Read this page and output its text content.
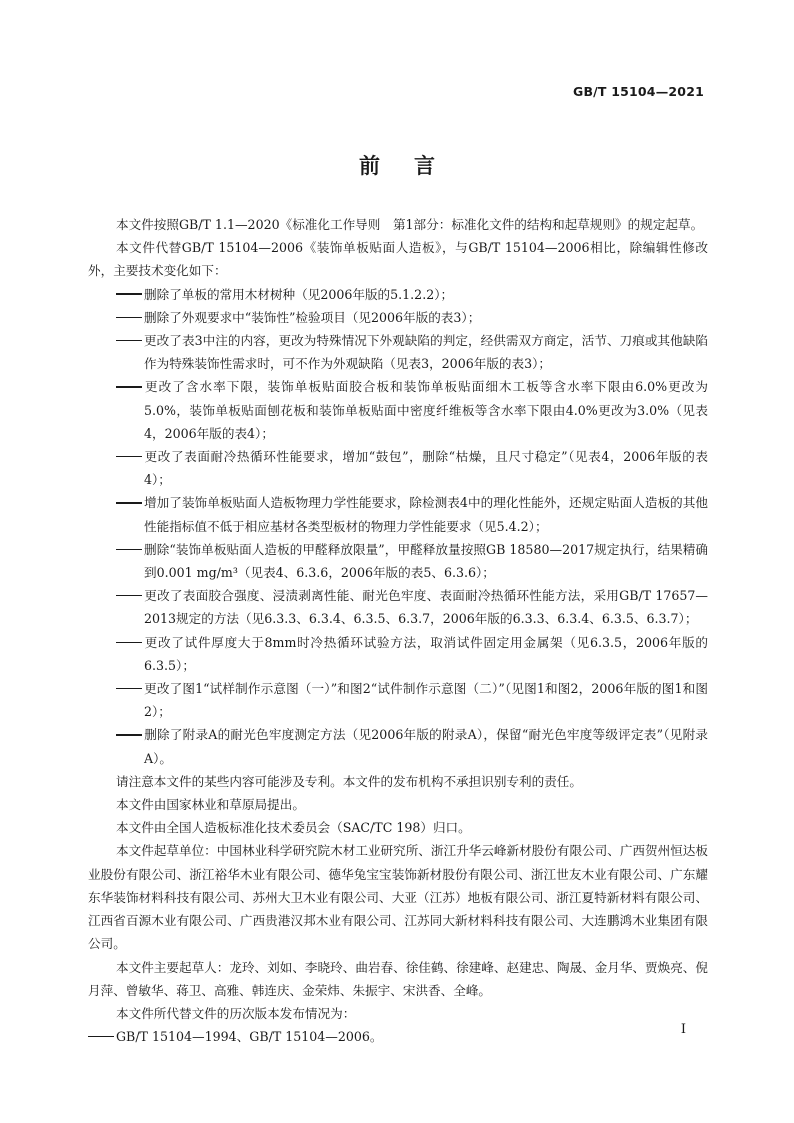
GB/T 15104—2021
前言

本文件按照GB/T 1.1—2020《标准化工作导则　第1部分：标准化文件的结构和起草规则》的规定起草。

本文件代替GB/T 15104—2006《装饰单板贴面人造板》，与GB/T 15104—2006相比，除编辑性修改外，主要技术变化如下：

删除了单板的常用木材树种（见2006年版的5.1.2.2）；

删除了外观要求中“装饰性”检验项目（见2006年版的表3）；

更改了表3中注的内容，更改为特殊情况下外观缺陷的判定，经供需双方商定，活节、刀痕或其他缺陷作为特殊装饰性需求时，可不作为外观缺陷（见表3，2006年版的表3）；

更改了含水率下限，装饰单板贴面胶合板和装饰单板贴面细木工板等含水率下限由6.0%更改为5.0%，装饰单板贴面刨花板和装饰单板贴面中密度纤维板等含水率下限由4.0%更改为3.0%（见表4，2006年版的表4）；

更改了表面耐冷热循环性能要求，增加“鼓包”，删除“枯燥，且尺寸稳定”（见表4，2006年版的表4）；

增加了装饰单板贴面人造板物理力学性能要求，除检测表4中的理化性能外，还规定贴面人造板的其他性能指标值不低于相应基材各类型板材的物理力学性能要求（见5.4.2）；

删除“装饰单板贴面人造板的甲醛释放限量”，甲醛释放量按照GB 18580—2017规定执行，结果精确到0.001 mg/m³（见表4、6.3.6，2006年版的表5、6.3.6）；

更改了表面胶合强度、浸渍剥离性能、耐光色牢度、表面耐冷热循环性能方法，采用GB/T 17657—2013规定的方法（见6.3.3、6.3.4、6.3.5、6.3.7，2006年版的6.3.3、6.3.4、6.3.5、6.3.7）；

更改了试件厚度大于8mm时冷热循环试验方法，取消试件固定用金属架（见6.3.5，2006年版的6.3.5）；

更改了图1“试样制作示意图（一）”和图2“试件制作示意图（二）”（见图1和图2，2006年版的图1和图2）；

删除了附录A的耐光色牢度测定方法（见2006年版的附录A），保留“耐光色牢度等级评定表”（见附录A）。

请注意本文件的某些内容可能涉及专利。本文件的发布机构不承担识别专利的责任。

本文件由国家林业和草原局提出。

本文件由全国人造板标准化技术委员会（SAC/TC 198）归口。

本文件起草单位：中国林业科学研究院木材工业研究所、浙江升华云峰新材股份有限公司、广西贺州恒达板业股份有限公司、浙江裕华木业有限公司、德华兔宝宝装饰新材股份有限公司、浙江世友木业有限公司、广东耀东华装饰材料科技有限公司、苏州大卫木业有限公司、大亚（江苏）地板有限公司、浙江夏特新材料有限公司、江西省百源木业有限公司、广西贵港汉邦木业有限公司、江苏同大新材料科技有限公司、大连鹏鸿木业集团有限公司。

本文件主要起草人：龙玲、刘如、李晓玲、曲岩春、徐佳鹤、徐建峰、赵建忠、陶晟、金月华、贾焕亮、倪月萍、曾敏华、蒋卫、高雅、韩连庆、金荣炜、朱振宇、宋洪香、全峰。

本文件所代替文件的历次版本发布情况为：

GB/T 15104—1994、GB/T 15104—2006。	I
